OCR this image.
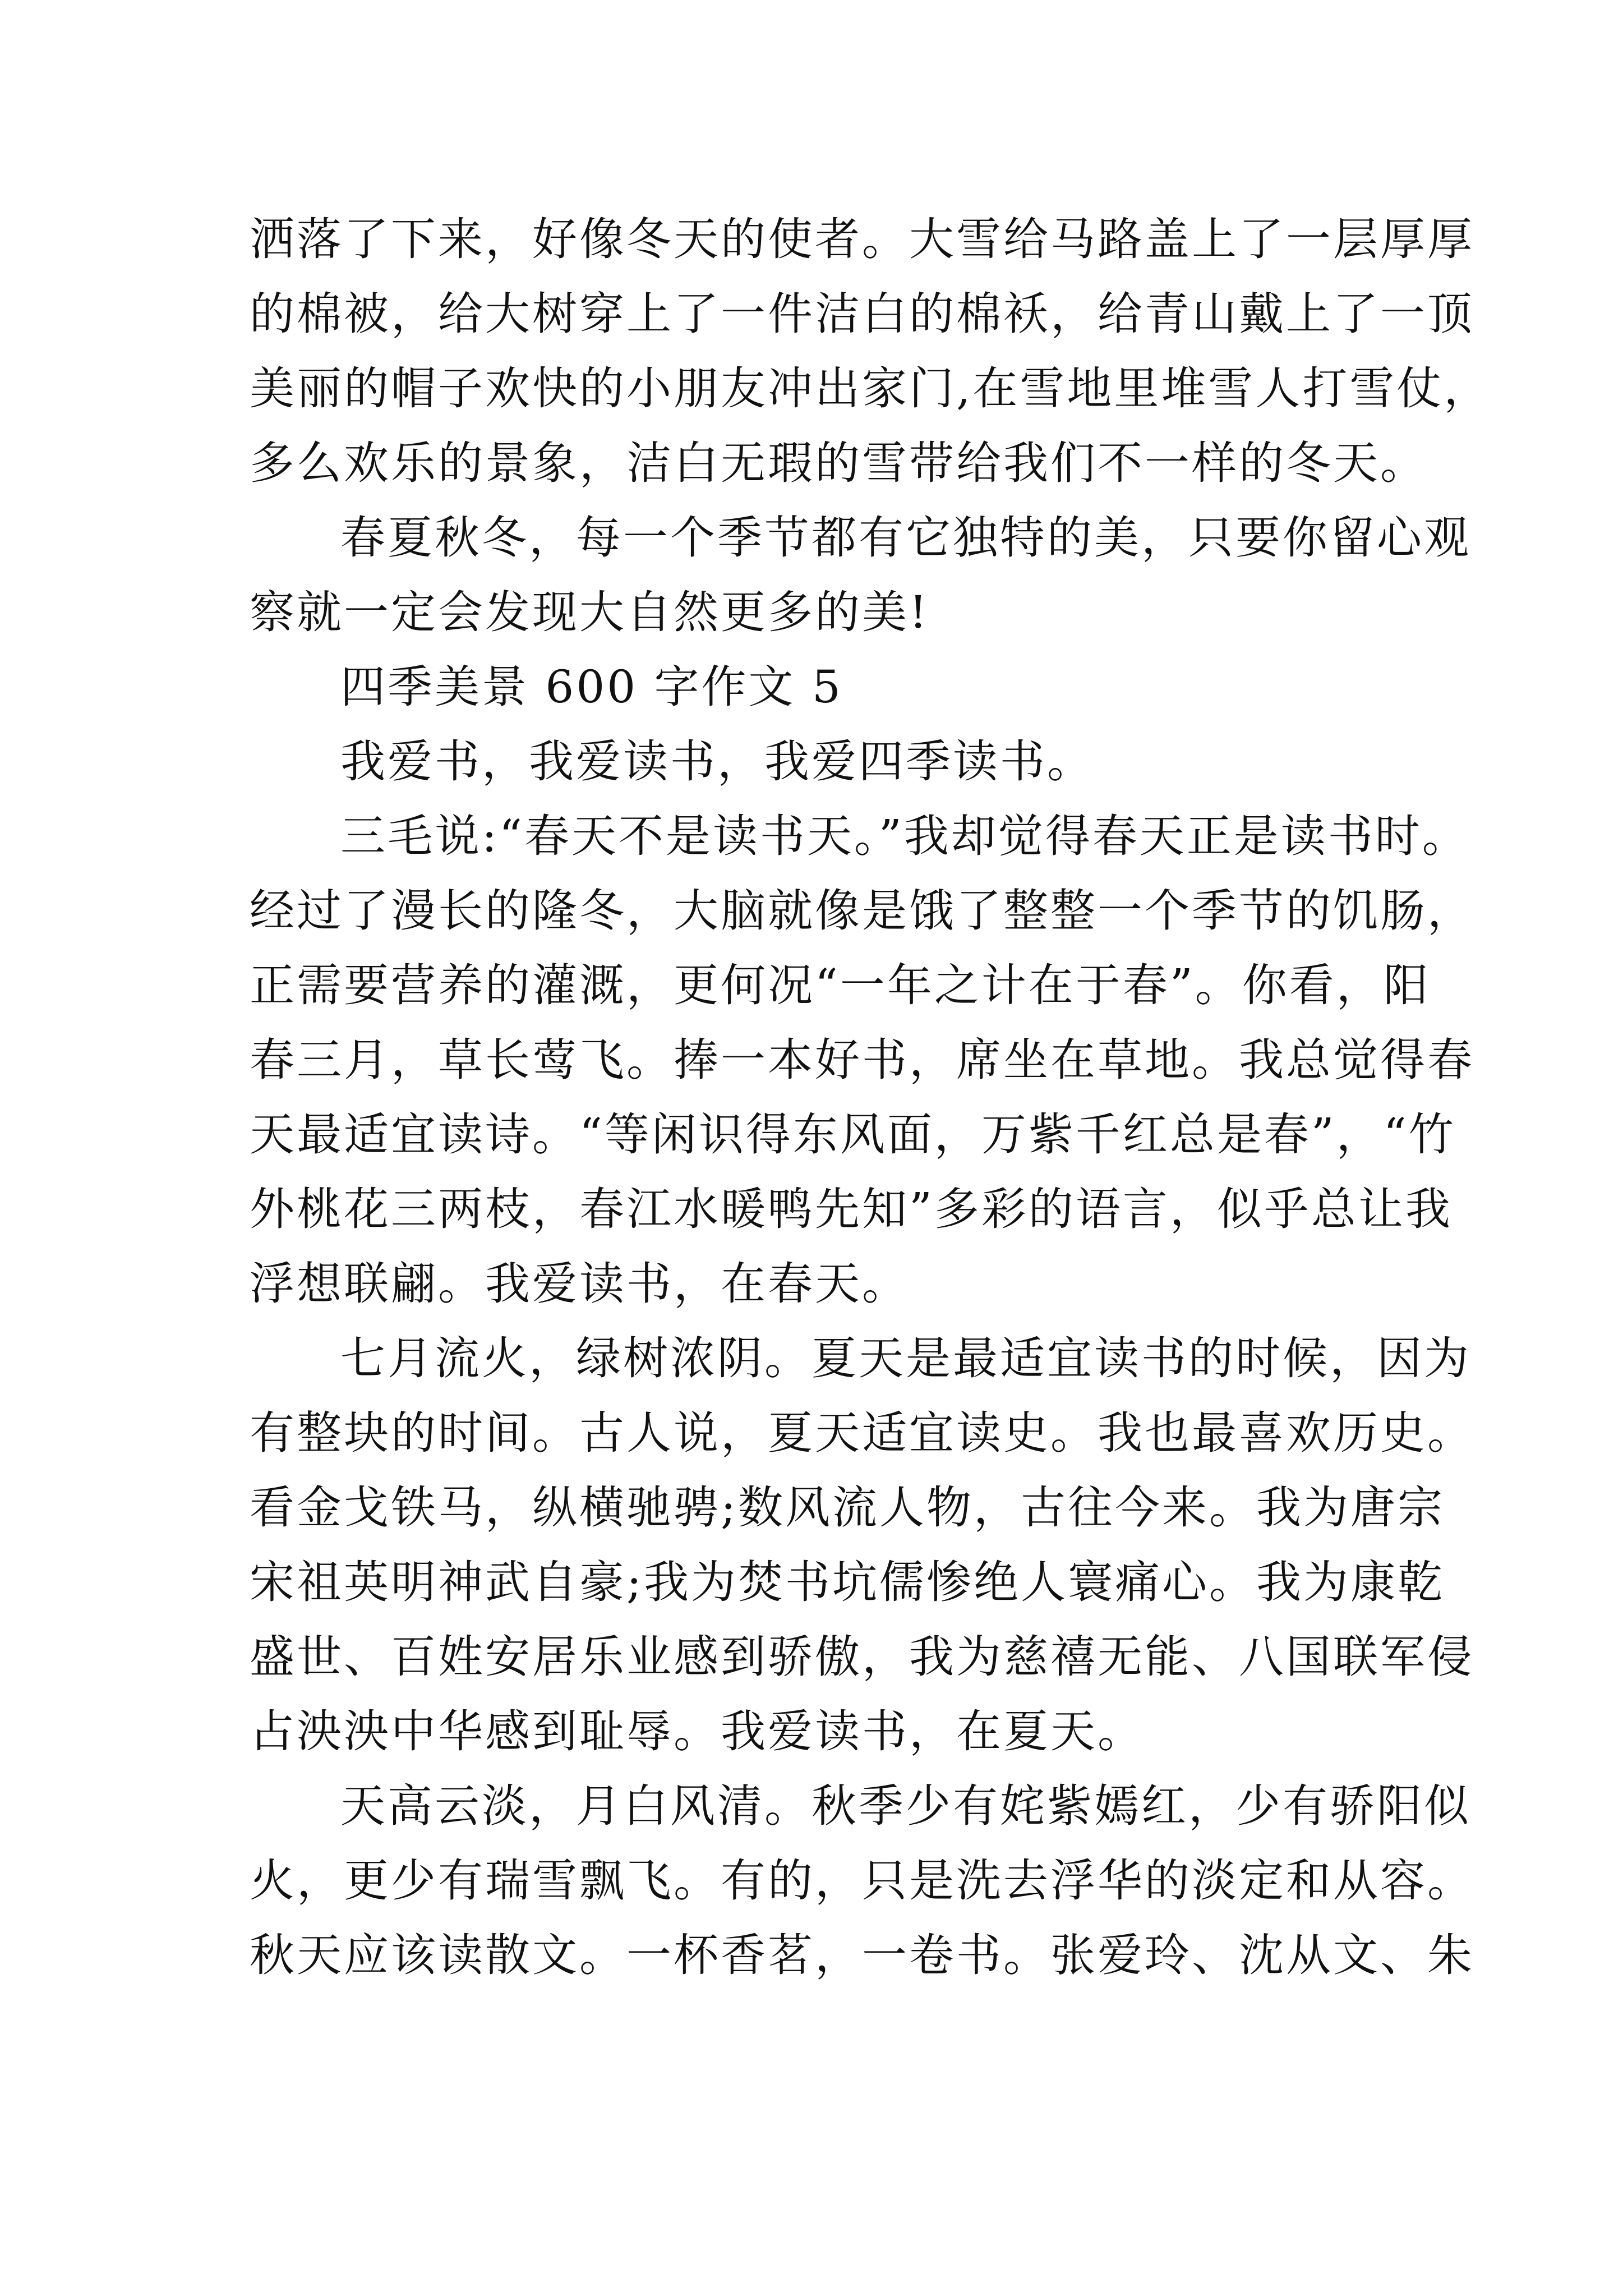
洒落了下来，好像冬天的使者。大雪给马路盖上了一层厚厚
的棉被，给大树穿上了一件洁白的棉袄，给青山戴上了一顶
美丽的帽子欢快的小朋友冲出家门,在雪地里堆雪人打雪仗，
多么欢乐的景象，洁白无瑕的雪带给我们不一样的冬天。
春夏秋冬，每一个季节都有它独特的美，只要你留心观
察就一定会发现大自然更多的美!
四季美景 600 字作文 5
我爱书，我爱读书，我爱四季读书。
三毛说:“春天不是读书天。”我却觉得春天正是读书时。
经过了漫长的隆冬，大脑就像是饿了整整一个季节的饥肠，
正需要营养的灌溉，更何况“一年之计在于春”。你看，阳
春三月，草长莺飞。捧一本好书，席坐在草地。我总觉得春
天最适宜读诗。“等闲识得东风面，万紫千红总是春”，“竹
外桃花三两枝，春江水暖鸭先知”多彩的语言，似乎总让我
浮想联翩。我爱读书，在春天。
七月流火，绿树浓阴。夏天是最适宜读书的时候，因为
有整块的时间。古人说，夏天适宜读史。我也最喜欢历史。
看金戈铁马，纵横驰骋;数风流人物，古往今来。我为唐宗
宋祖英明神武自豪;我为焚书坑儒惨绝人寰痛心。我为康乾
盛世、百姓安居乐业感到骄傲，我为慈禧无能、八国联军侵
占泱泱中华感到耻辱。我爱读书，在夏天。
天高云淡，月白风清。秋季少有姹紫嫣红，少有骄阳似
火，更少有瑞雪飘飞。有的，只是洗去浮华的淡定和从容。
秋天应该读散文。一杯香茗，一卷书。张爱玲、沈从文、朱
